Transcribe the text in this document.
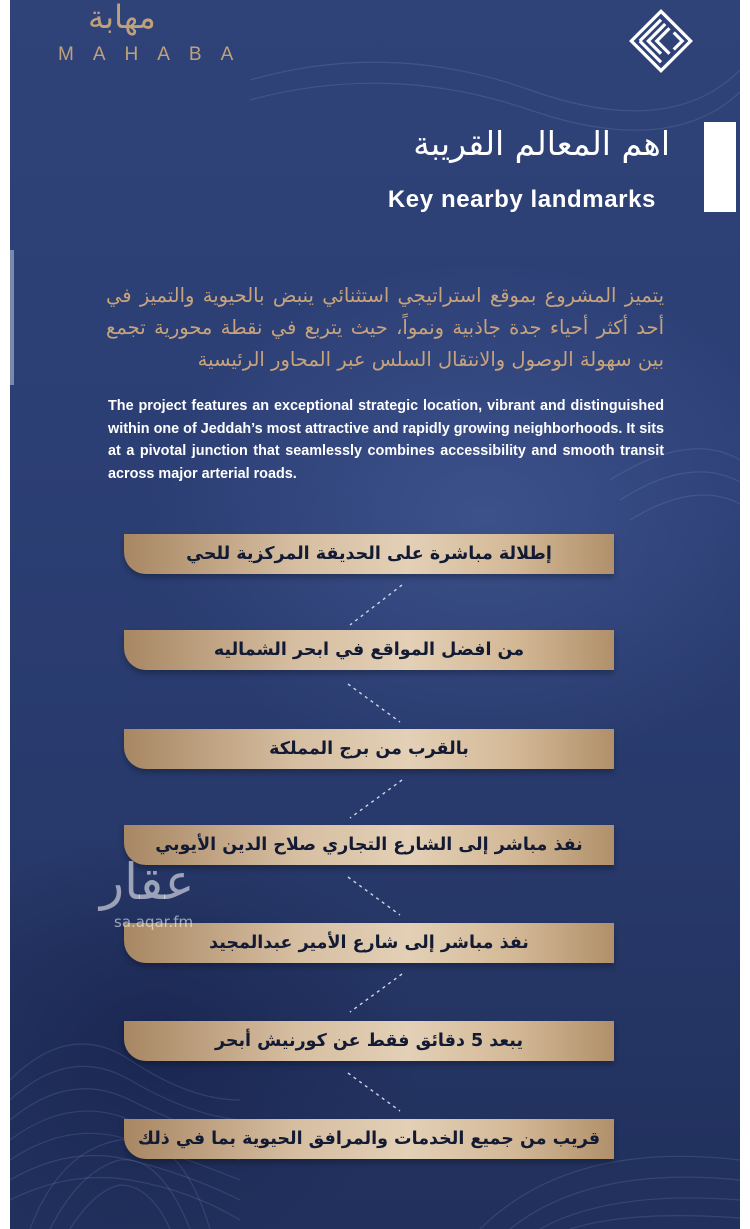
مهابة
MAHABA
اهم المعالم القريبة
Key nearby landmarks
يتميز المشروع بموقع استراتيجي استثنائي ينبض بالحيوية والتميز في أحد أكثر أحياء جدة جاذبية ونمواً، حيث يتربع في نقطة محورية تجمع بين سهولة الوصول والانتقال السلس عبر المحاور الرئيسية
The project features an exceptional strategic location, vibrant and distinguished within one of Jeddah’s most attractive and rapidly growing neighborhoods. It sits at a pivotal junction that seamlessly combines accessibility and smooth transit across major arterial roads.
إطلالة مباشرة على الحديقة المركزية للحي
من افضل المواقع في ابحر الشماليه
بالقرب من برج المملكة
نفذ مباشر إلى الشارع التجاري صلاح الدين الأيوبي
نفذ مباشر إلى شارع الأمير عبدالمجيد
يبعد 5 دقائق فقط عن كورنيش أبحر
قريب من جميع الخدمات والمرافق الحيوية بما في ذلك
عقار
sa.aqar.fm
